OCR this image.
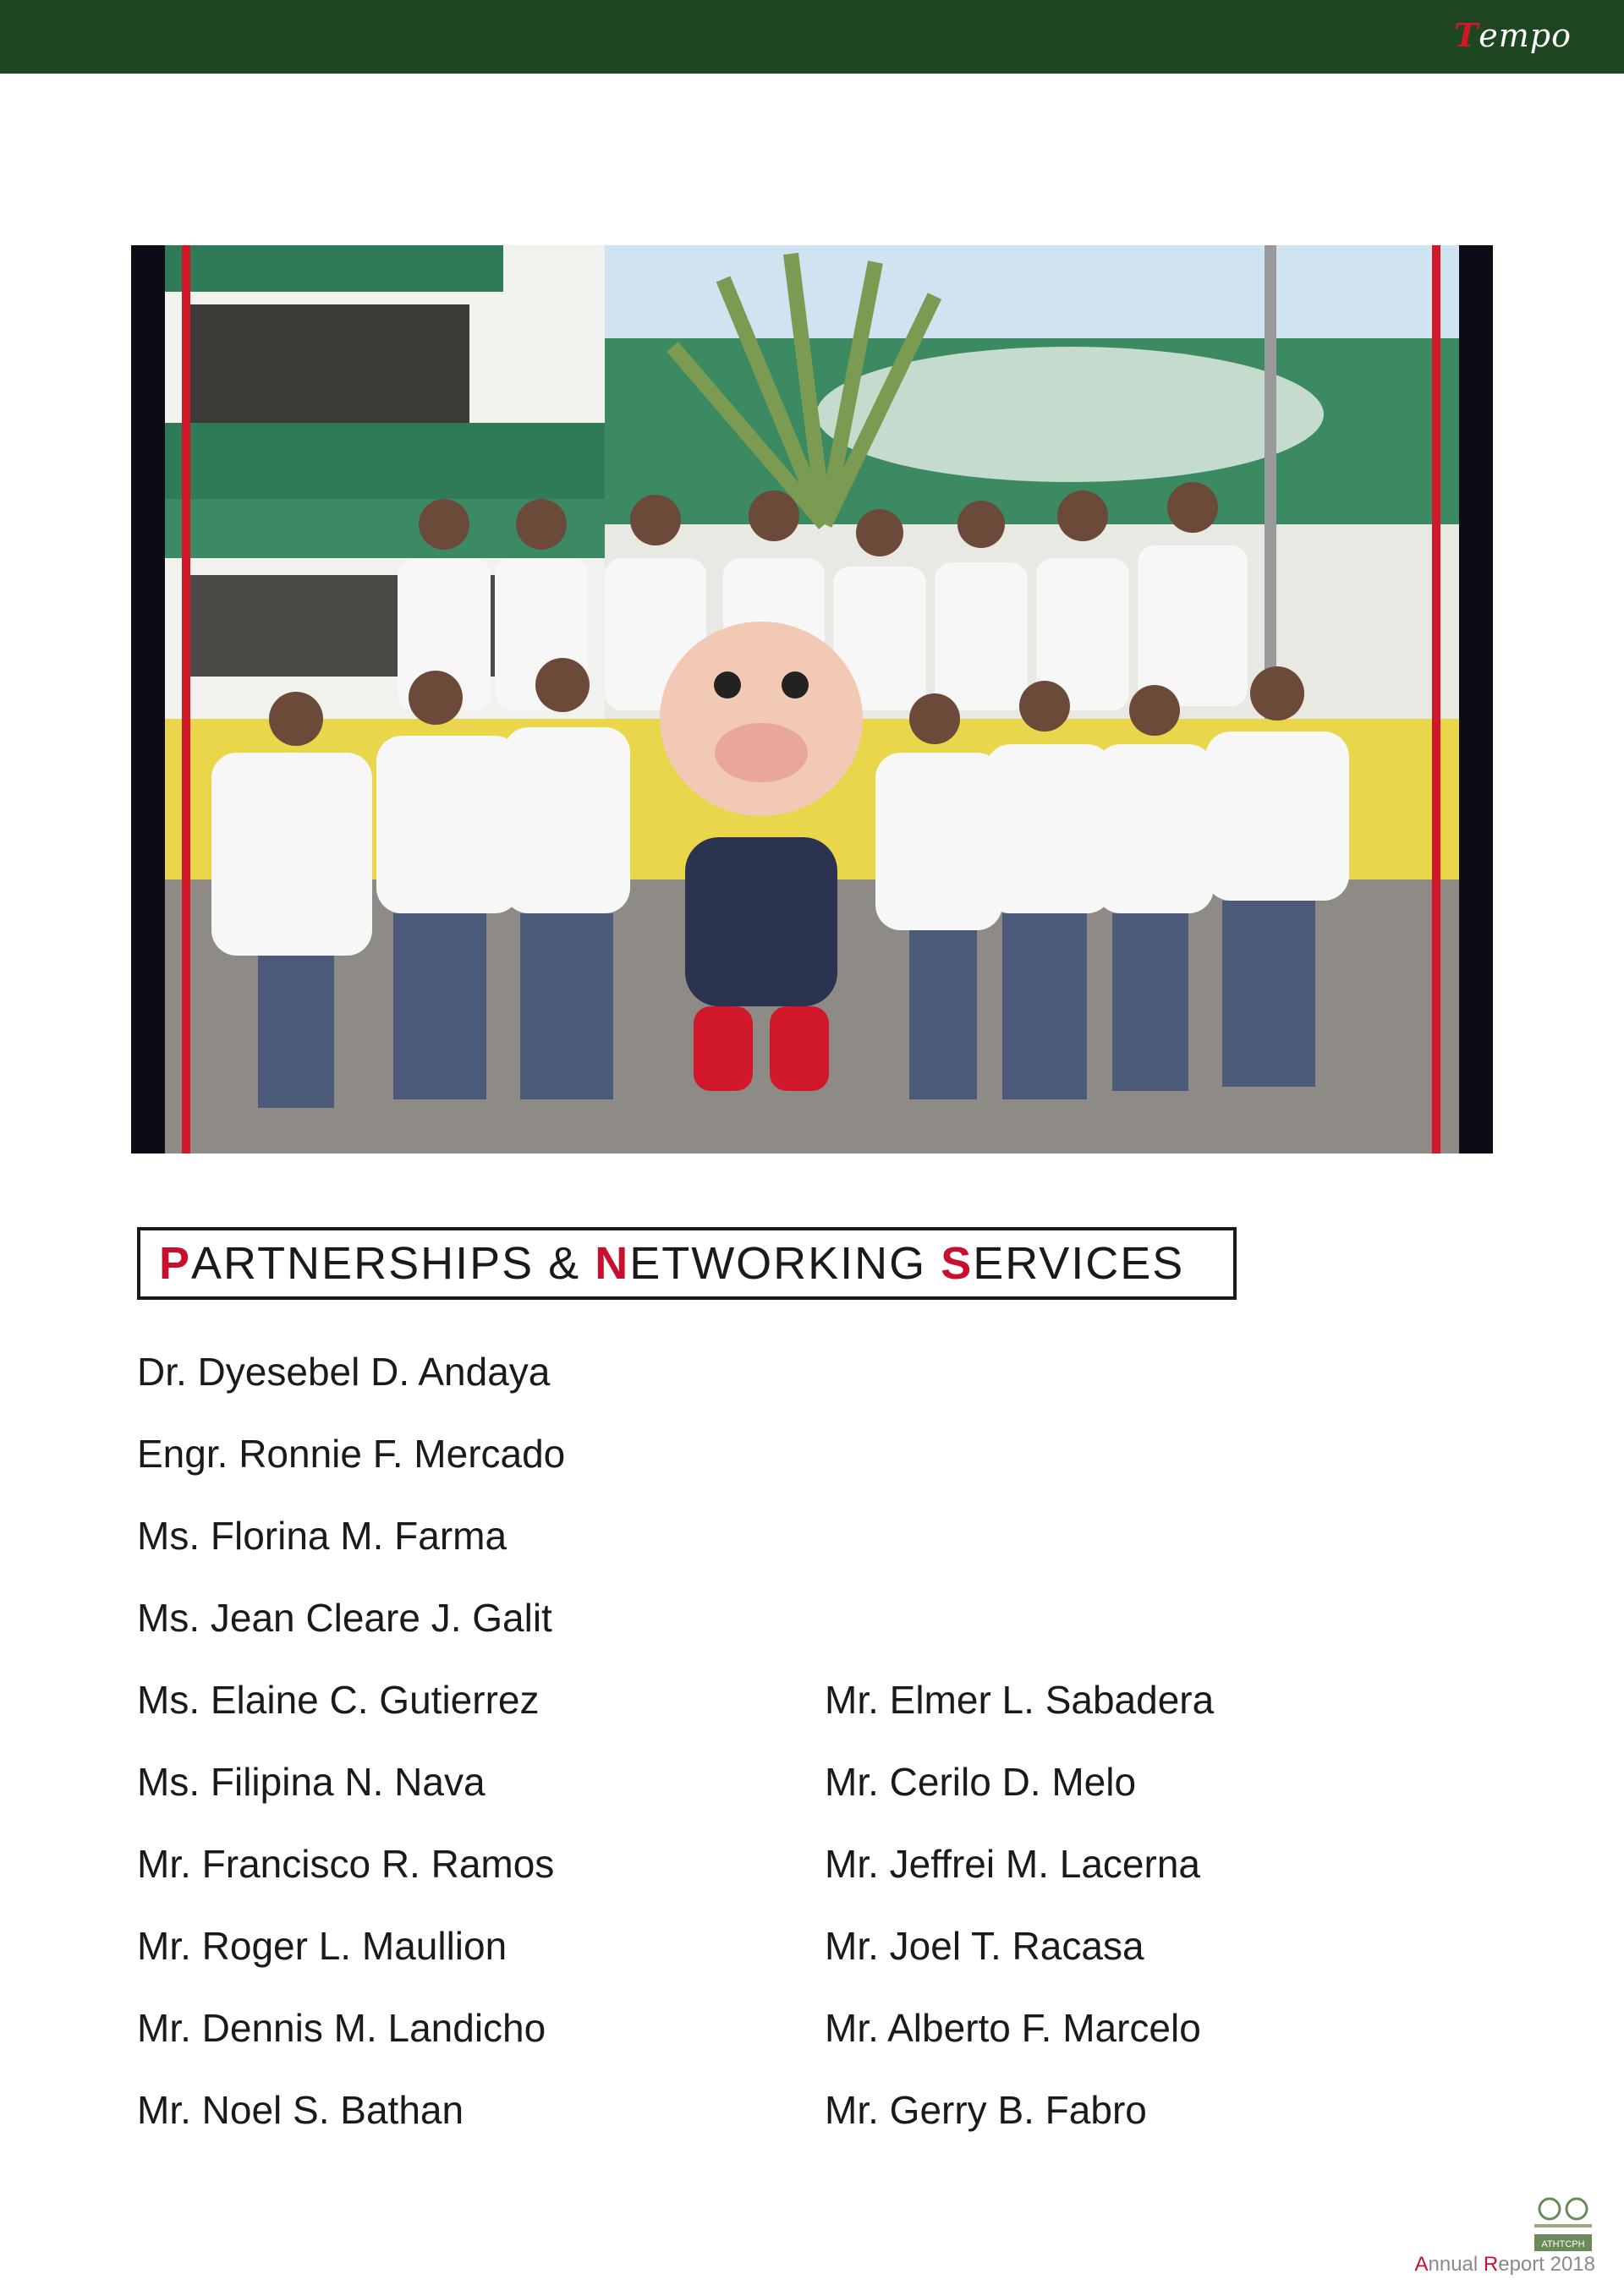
Tempo
PARTNERSHIPS & NETWORKING SERVICES
Dr. Dyesebel D. Andaya
Engr. Ronnie F. Mercado
Ms. Florina M. Farma
Ms. Jean Cleare J. Galit
Ms. Elaine C. Gutierrez
Ms. Filipina N. Nava
Mr. Francisco R. Ramos
Mr. Roger L. Maullion
Mr. Dennis M. Landicho
Mr. Noel S. Bathan
Mr. Elmer L. Sabadera
Mr. Cerilo D. Melo
Mr. Jeffrei M. Lacerna
Mr. Joel T. Racasa
Mr. Alberto F. Marcelo
Mr. Gerry B. Fabro
ATHTCPH
Annual Report 2018
